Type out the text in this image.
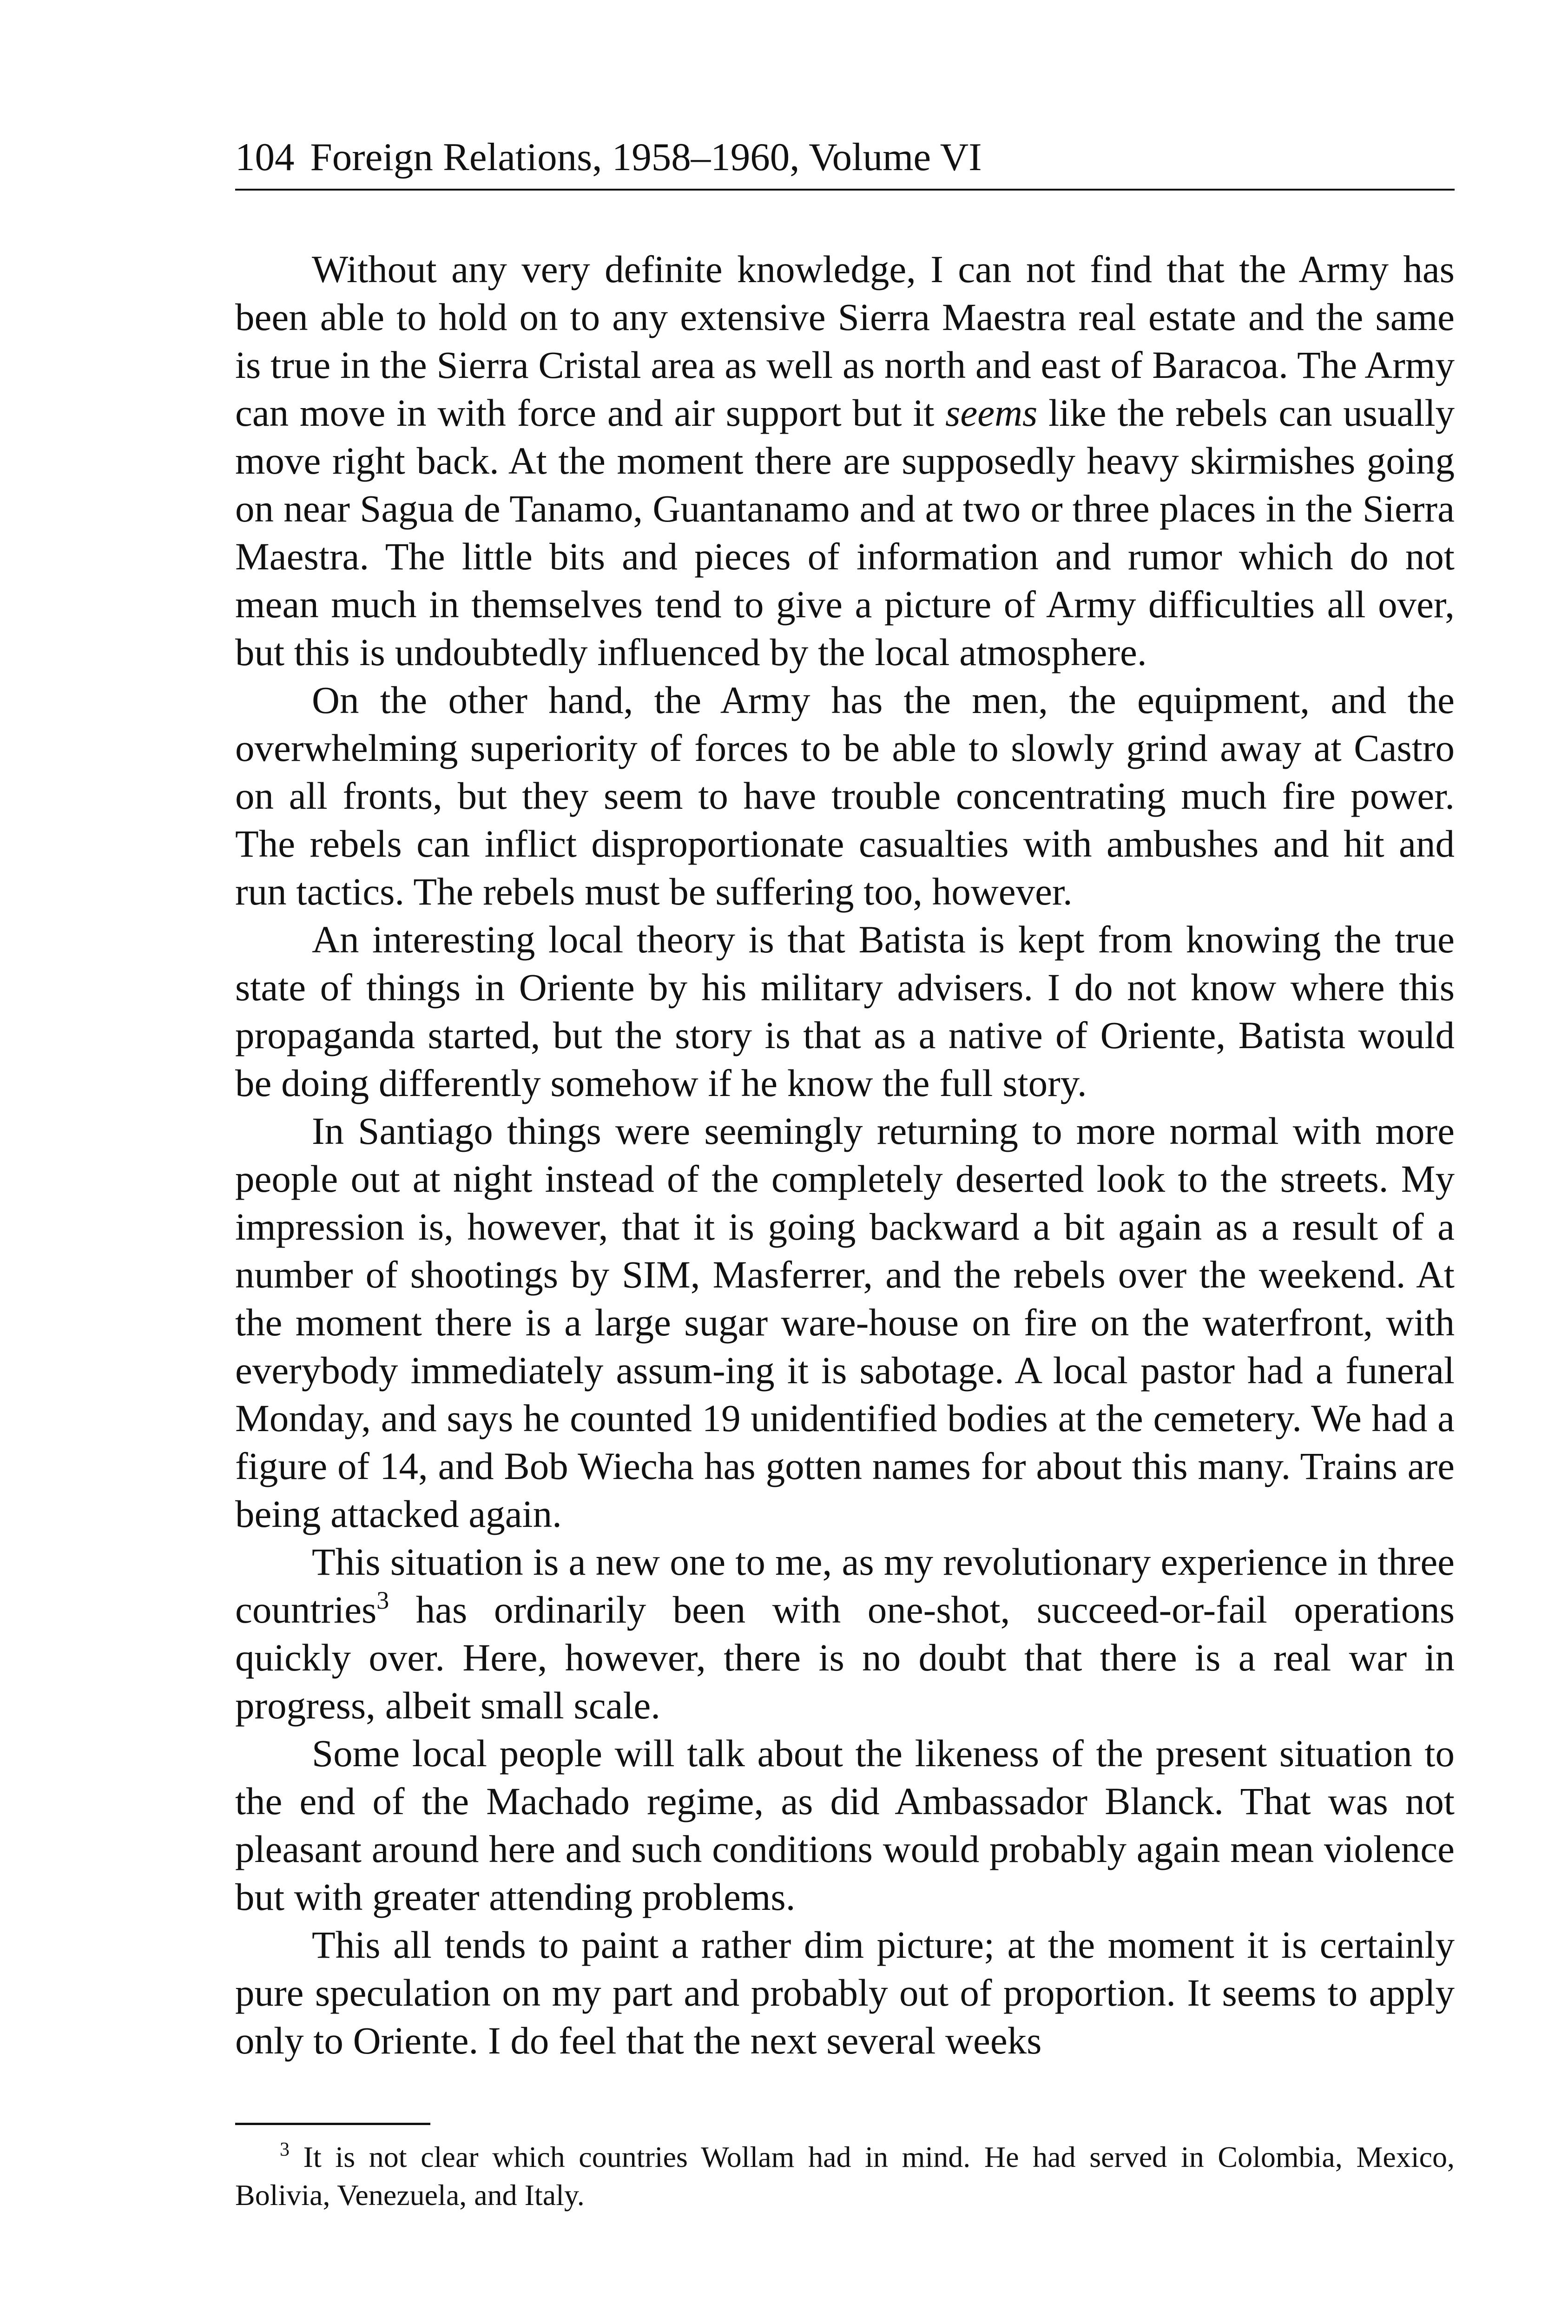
104 Foreign Relations, 1958–1960, Volume VI

Without any very definite knowledge, I can not find that the Army has been able to hold on to any extensive Sierra Maestra real estate and the same is true in the Sierra Cristal area as well as north and east of Baracoa. The Army can move in with force and air support but it seems like the rebels can usually move right back. At the moment there are supposedly heavy skirmishes going on near Sagua de Tanamo, Guantanamo and at two or three places in the Sierra Maestra. The little bits and pieces of information and rumor which do not mean much in themselves tend to give a picture of Army difficulties all over, but this is undoubtedly influenced by the local atmosphere.

On the other hand, the Army has the men, the equipment, and the overwhelming superiority of forces to be able to slowly grind away at Castro on all fronts, but they seem to have trouble concentrating much fire power. The rebels can inflict disproportionate casualties with ambushes and hit and run tactics. The rebels must be suffering too, however.

An interesting local theory is that Batista is kept from knowing the true state of things in Oriente by his military advisers. I do not know where this propaganda started, but the story is that as a native of Oriente, Batista would be doing differently somehow if he know the full story.

In Santiago things were seemingly returning to more normal with more people out at night instead of the completely deserted look to the streets. My impression is, however, that it is going backward a bit again as a result of a number of shootings by SIM, Masferrer, and the rebels over the weekend. At the moment there is a large sugar ware-house on fire on the waterfront, with everybody immediately assum-ing it is sabotage. A local pastor had a funeral Monday, and says he counted 19 unidentified bodies at the cemetery. We had a figure of 14, and Bob Wiecha has gotten names for about this many. Trains are being attacked again.

This situation is a new one to me, as my revolutionary experience in three countries$^3$ has ordinarily been with one-shot, succeed-or-fail operations quickly over. Here, however, there is no doubt that there is a real war in progress, albeit small scale.

Some local people will talk about the likeness of the present situation to the end of the Machado regime, as did Ambassador Blanck. That was not pleasant around here and such conditions would probably again mean violence but with greater attending problems.

This all tends to paint a rather dim picture; at the moment it is certainly pure speculation on my part and probably out of proportion. It seems to apply only to Oriente. I do feel that the next several weeks

$^3$ It is not clear which countries Wollam had in mind. He had served in Colombia, Mexico, Bolivia, Venezuela, and Italy.
